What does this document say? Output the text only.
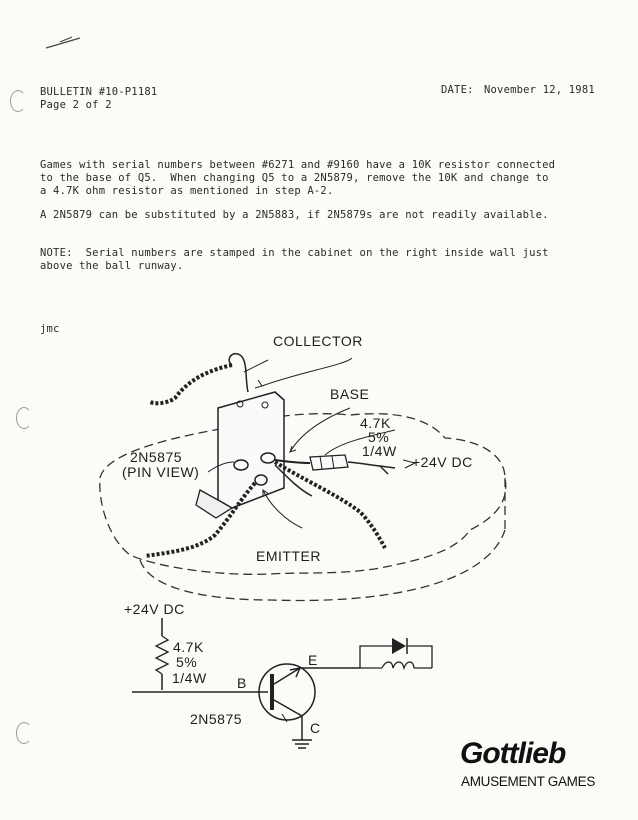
BULLETIN #10-P1181
Page 2 of 2
DATE: November 12, 1981
Games with serial numbers between #6271 and #9160 have a 10K resistor connected
to the base of Q5.  When changing Q5 to a 2N5879, remove the 10K and change to
a 4.7K ohm resistor as mentioned in step A-2.
A 2N5879 can be substituted by a 2N5883, if 2N5879s are not readily available.
NOTE:  Serial numbers are stamped in the cabinet on the right inside wall just
above the ball runway.
jmc
COLLECTOR
BASE
4.7K
5%
1/4W
+24V DC
2N5875
(PIN VIEW)
EMITTER
+24V DC
4.7K
5%
1/4W B
E
C
2N5875
Gottlieb
AMUSEMENT GAMES
